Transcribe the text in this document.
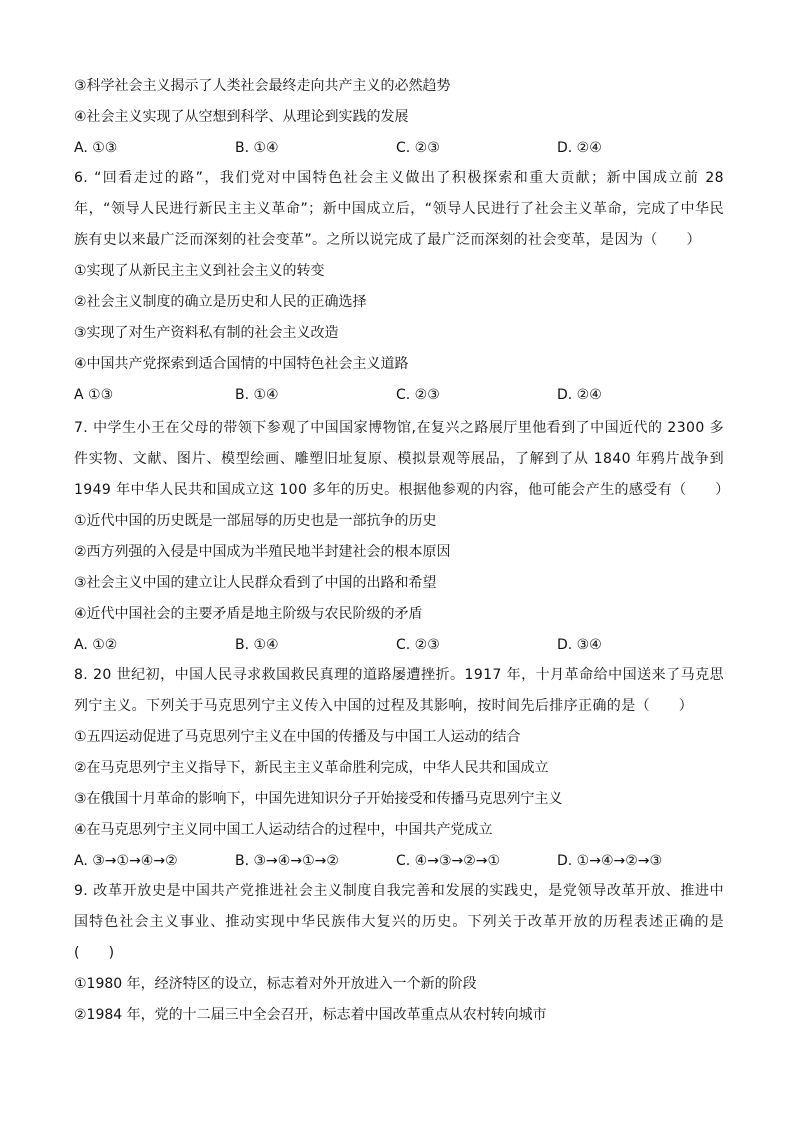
③科学社会主义揭示了人类社会最终走向共产主义的必然趋势
④社会主义实现了从空想到科学、从理论到实践的发展
A. ①③	B. ①④	C. ②③	D. ②④
6. “回看走过的路”，我们党对中国特色社会主义做出了积极探索和重大贡献；新中国成立前 28 年，“领导人民进行新民主主义革命”；新中国成立后，“领导人民进行了社会主义革命，完成了中华民族有史以来最广泛而深刻的社会变革”。之所以说完成了最广泛而深刻的社会变革，是因为（　　）
①实现了从新民主主义到社会主义的转变
②社会主义制度的确立是历史和人民的正确选择
③实现了对生产资料私有制的社会主义改造
④中国共产党探索到适合国情的中国特色社会主义道路
A ①③	B. ①④	C. ②③	D. ②④
7. 中学生小王在父母的带领下参观了中国国家博物馆,在复兴之路展厅里他看到了中国近代的 2300 多件实物、文献、图片、模型绘画、雕塑旧址复原、模拟景观等展品，了解到了从 1840 年鸦片战争到 1949 年中华人民共和国成立这 100 多年的历史。根据他参观的内容，他可能会产生的感受有（　　）
①近代中国的历史既是一部屈辱的历史也是一部抗争的历史
②西方列强的入侵是中国成为半殖民地半封建社会的根本原因
③社会主义中国的建立让人民群众看到了中国的出路和希望
④近代中国社会的主要矛盾是地主阶级与农民阶级的矛盾
A. ①②	B. ①④	C. ②③	D. ③④
8. 20 世纪初，中国人民寻求救国救民真理的道路屡遭挫折。1917 年，十月革命给中国送来了马克思列宁主义。下列关于马克思列宁主义传入中国的过程及其影响，按时间先后排序正确的是（　　）
①五四运动促进了马克思列宁主义在中国的传播及与中国工人运动的结合
②在马克思列宁主义指导下，新民主主义革命胜利完成，中华人民共和国成立
③在俄国十月革命的影响下，中国先进知识分子开始接受和传播马克思列宁主义
④在马克思列宁主义同中国工人运动结合的过程中，中国共产党成立
A. ③→①→④→②	B. ③→④→①→②	C. ④→③→②→①	D. ①→④→②→③
9. 改革开放史是中国共产党推进社会主义制度自我完善和发展的实践史，是党领导改革开放、推进中国特色社会主义事业、推动实现中华民族伟大复兴的历史。下列关于改革开放的历程表述正确的是(　　)
①1980 年，经济特区的设立，标志着对外开放进入一个新的阶段
②1984 年，党的十二届三中全会召开，标志着中国改革重点从农村转向城市
